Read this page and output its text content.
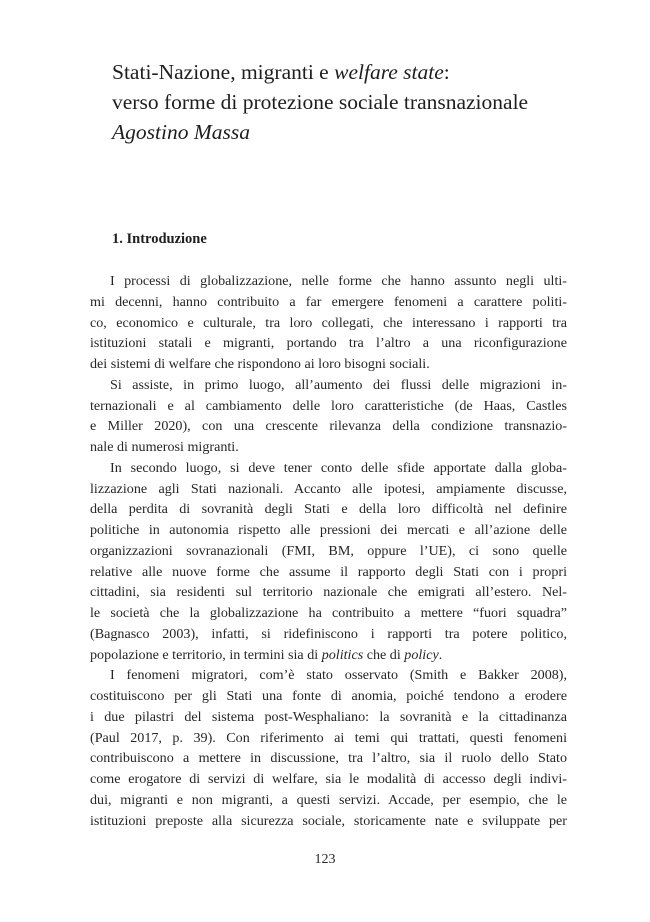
Stati-Nazione, migranti e welfare state:
verso forme di protezione sociale transnazionale
Agostino Massa
1. Introduzione
I processi di globalizzazione, nelle forme che hanno assunto negli ulti-
mi decenni, hanno contribuito a far emergere fenomeni a carattere politi-
co, economico e culturale, tra loro collegati, che interessano i rapporti tra
istituzioni statali e migranti, portando tra l’altro a una riconfigurazione
dei sistemi di welfare che rispondono ai loro bisogni sociali.
Si assiste, in primo luogo, all’aumento dei flussi delle migrazioni in-
ternazionali e al cambiamento delle loro caratteristiche (de Haas, Castles
e Miller 2020), con una crescente rilevanza della condizione transnazio-
nale di numerosi migranti.
In secondo luogo, si deve tener conto delle sfide apportate dalla globa-
lizzazione agli Stati nazionali. Accanto alle ipotesi, ampiamente discusse,
della perdita di sovranità degli Stati e della loro difficoltà nel definire
politiche in autonomia rispetto alle pressioni dei mercati e all’azione delle
organizzazioni sovranazionali (FMI, BM, oppure l’UE), ci sono quelle
relative alle nuove forme che assume il rapporto degli Stati con i propri
cittadini, sia residenti sul territorio nazionale che emigrati all’estero. Nel-
le società che la globalizzazione ha contribuito a mettere “fuori squadra”
(Bagnasco 2003), infatti, si ridefiniscono i rapporti tra potere politico,
popolazione e territorio, in termini sia di politics che di policy.
I fenomeni migratori, com’è stato osservato (Smith e Bakker 2008),
costituiscono per gli Stati una fonte di anomia, poiché tendono a erodere
i due pilastri del sistema post-Wesphaliano: la sovranità e la cittadinanza
(Paul 2017, p. 39). Con riferimento ai temi qui trattati, questi fenomeni
contribuiscono a mettere in discussione, tra l’altro, sia il ruolo dello Stato
come erogatore di servizi di welfare, sia le modalità di accesso degli indivi-
dui, migranti e non migranti, a questi servizi. Accade, per esempio, che le
istituzioni preposte alla sicurezza sociale, storicamente nate e sviluppate per
123
